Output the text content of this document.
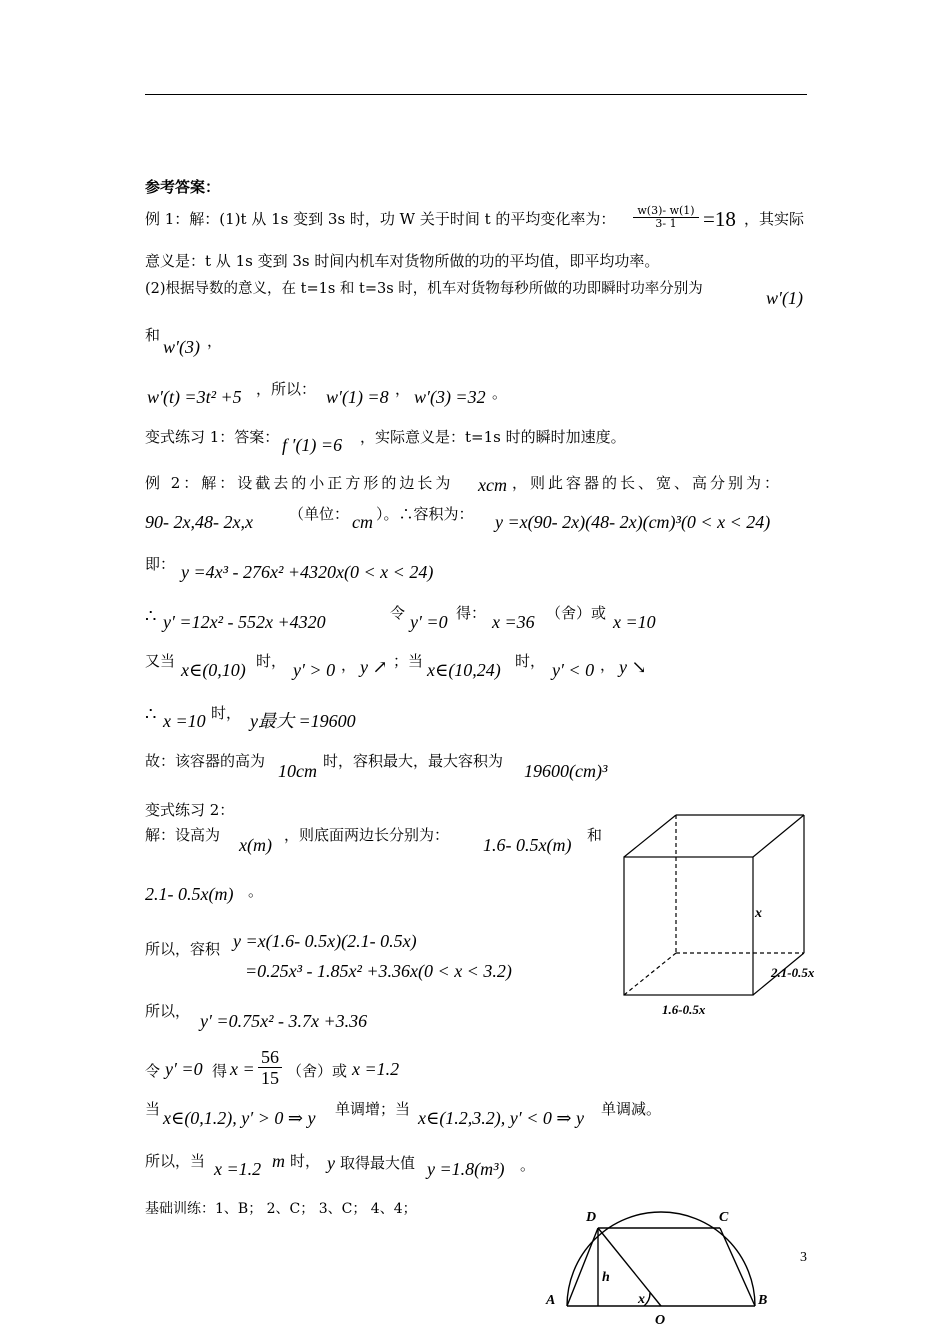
参考答案：
例 1：解：(1)t 从 1s 变到 3s 时，功 W 关于时间 t 的平均变化率为： $\frac{w(3)- w(1)}{3- 1} =18$ ，其实际
意义是：t 从 1s 变到 3s 时间内机车对货物所做的功的平均值，即平均功率。
(2)根据导数的意义，在 t=1s 和 t=3s 时，机车对货物每秒所做的功即瞬时功率分别为	w′(1)
和
w′(3) ，
w′(t) =3t² +5 ，所以： w′(1) =8 ， w′(3) =32 。
变式练习 1：答案： f ′(1) =6 ，实际意义是：t=1s 时的瞬时加速度。
例 2：解：设截去的小正方形的边长为 xcm ，则此容器的长、宽、高分别为：
90- 2x,48- 2x,x （单位： cm ）。∴容积为： y =x(90- 2x)(48- 2x)(cm)³(0 < x < 24)
即： y =4x³ - 276x² +4320x(0 < x < 24)
∴ y′ =12x² - 552x +4320	令 y′ =0 得： x =36 （舍）或 x =10
又当 x∈(0,10) 时， y′ > 0 ， y ↗ ；当 x∈(10,24) 时， y′ < 0 ， y ↘
∴ x =10 时， y最大 =19600
故：该容器的高为 10cm 时，容积最大，最大容积为 19600(cm)³
变式练习 2：
解：设高为 x(m) ，则底面两边长分别为： 1.6- 0.5x(m) 和
2.1- 0.5x(m) 。
所以，容积 y =x(1.6- 0.5x)(2.1- 0.5x)
=0.25x³ - 1.85x² +3.36x(0 < x < 3.2)
所以， y′ =0.75x² - 3.7x +3.36
令 y′ =0 得 $x = \frac{56}{15}$ （舍）或 x =1.2
当 x∈(0,1.2), y′ > 0 ⇒ y 单调增；当 x∈(1.2,3.2), y′ < 0 ⇒ y 单调减。
所以，当 x =1.2 m 时， y 取得最大值 y =1.8(m³) 。
基础训练：1、B； 2、C； 3、C； 4、4；
x
2.1-0.5x
1.6-0.5x
D	C
A	B
O
h
x
3
